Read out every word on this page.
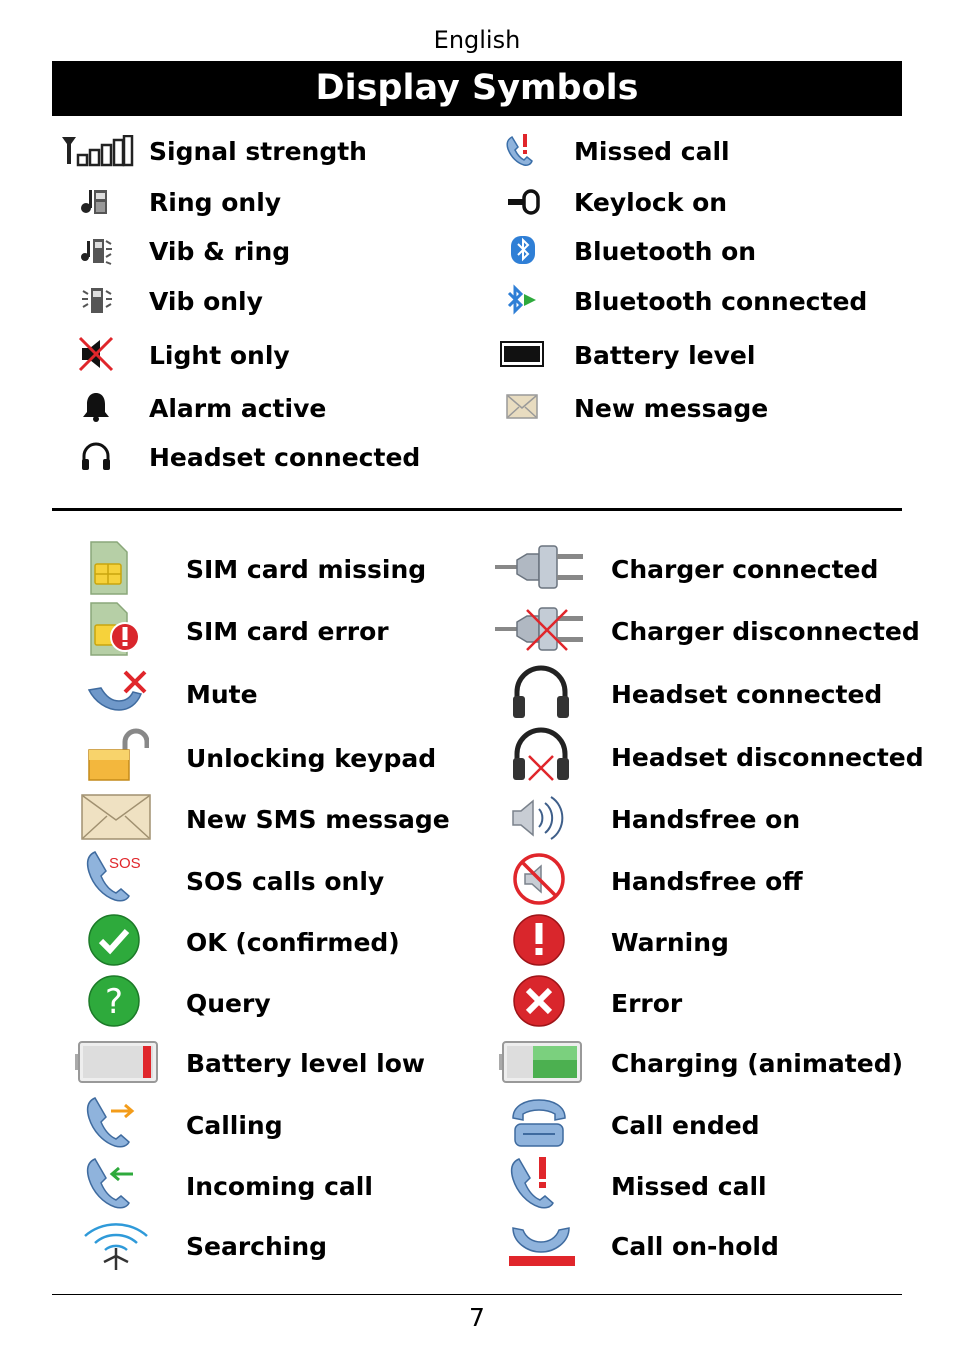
English
Display Symbols
Signal strength
Ring only
Vib & ring
Vib only
Light only
Alarm active
Headset connected
Missed call
Keylock on
Bluetooth on
Bluetooth connected
Battery level
New message
SIM card missing
SIM card error
Mute
Unlocking keypad
New SMS message
SOS
SOS calls only
OK (confirmed)
?	Query
Battery level low
Calling
Incoming call
Searching
Charger connected
Charger disconnected
Headset connected
Headset disconnected
Handsfree on
Handsfree off
Warning
Error
Charging (animated)
Call ended
Missed call
Call on-hold
7
